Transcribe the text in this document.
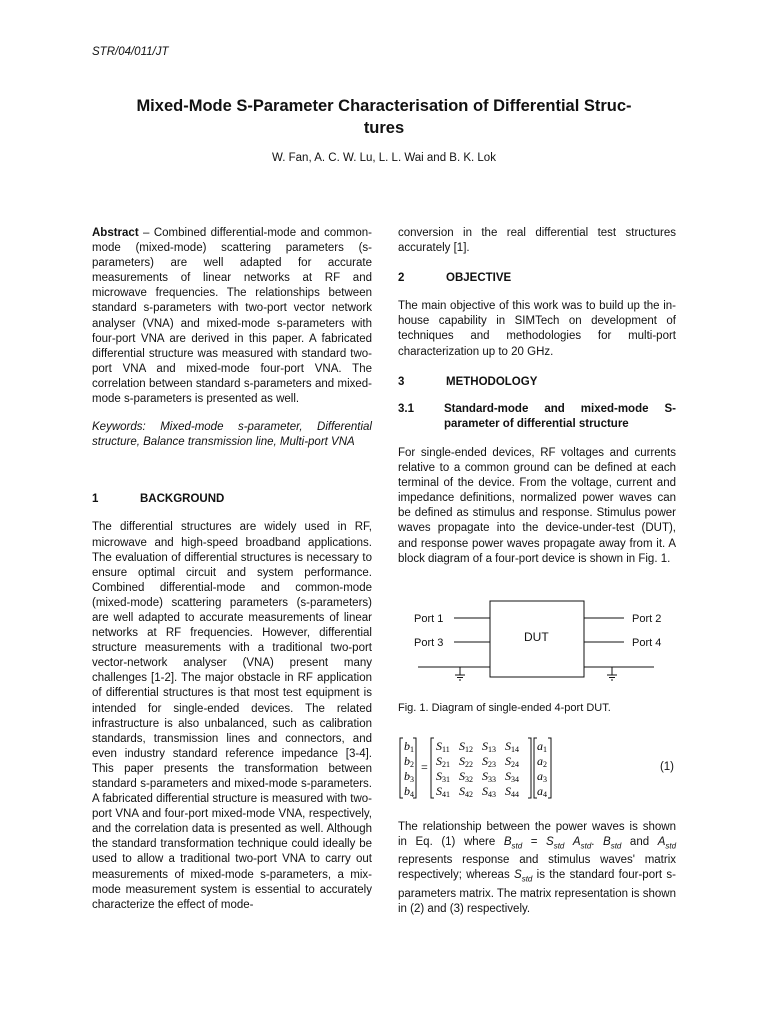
STR/04/011/JT
Mixed-Mode S-Parameter Characterisation of Differential Struc-
tures
W. Fan, A. C. W. Lu, L. L. Wai and B. K. Lok

Abstract – Combined differential-mode and common-mode (mixed-mode) scattering parameters (s-parameters) are well adapted for accurate measurements of linear networks at RF and microwave frequencies. The relationships between standard s-parameters with two-port vector network analyser (VNA) and mixed-mode s-parameters with four-port VNA are derived in this paper. A fabricated differential structure was measured with standard two-port VNA and mixed-mode four-port VNA. The correlation between standard s-parameters and mixed-mode s-parameters is presented as well.

Keywords: Mixed-mode s-parameter, Differential structure, Balance transmission line, Multi-port VNA

1	BACKGROUND

The differential structures are widely used in RF, microwave and high-speed broadband applications. The evaluation of differential structures is necessary to ensure optimal circuit and system performance. Combined differential-mode and common-mode (mixed-mode) scattering parameters (s-parameters) are well adapted to accurate measurements of linear networks at RF frequencies. However, differential structure measurements with a traditional two-port vector-network analyser (VNA) present many challenges [1-2]. The major obstacle in RF application of differential structures is that most test equipment is intended for single-ended devices. The related infrastructure is also unbalanced, such as calibration standards, transmission lines and connectors, and even industry standard reference impedance [3-4]. This paper presents the transformation between standard s-parameters and mixed-mode s-parameters. A fabricated differential structure is measured with two-port VNA and four-port mixed-mode VNA, respectively, and the correlation data is presented as well. Although the standard transformation technique could ideally be used to allow a traditional two-port VNA to carry out measurements of mixed-mode s-parameters, a mix-mode measurement system is essential to accurately characterize the effect of mode-

conversion in the real differential test structures accurately [1].

2	OBJECTIVE

The main objective of this work was to build up the in-house capability in SIMTech on development of techniques and methodologies for multi-port characterization up to 20 GHz.

3	METHODOLOGY
3.1	Standard-mode and mixed-mode S-parameter of differential structure

For single-ended devices, RF voltages and currents relative to a common ground can be defined at each terminal of the device. From the voltage, current and impedance definitions, normalized power waves can be defined as stimulus and response. Stimulus power waves propagate into the device-under-test (DUT), and response power waves propagate away from it. A block diagram of a four-port device is shown in Fig. 1.

Port 1
Port 3
Port 2
Port 4
DUT

Fig. 1. Diagram of single-ended 4-port DUT.

=
b1
b2
b3
b4
S11 S12 S13 S14
S21 S22 S23 S24
S31 S32 S33 S34
S41 S42 S43 S44
a1
a2
a3
a4
(1)

The relationship between the power waves is shown in Eq. (1) where $B_{std} = S_{std}$ $A_{std}$. $B_{std}$ and $A_{std}$ represents response and stimulus waves' matrix respectively; whereas $S_{std}$ is the standard four-port s-parameters matrix. The matrix representation is shown in (2) and (3) respectively.
